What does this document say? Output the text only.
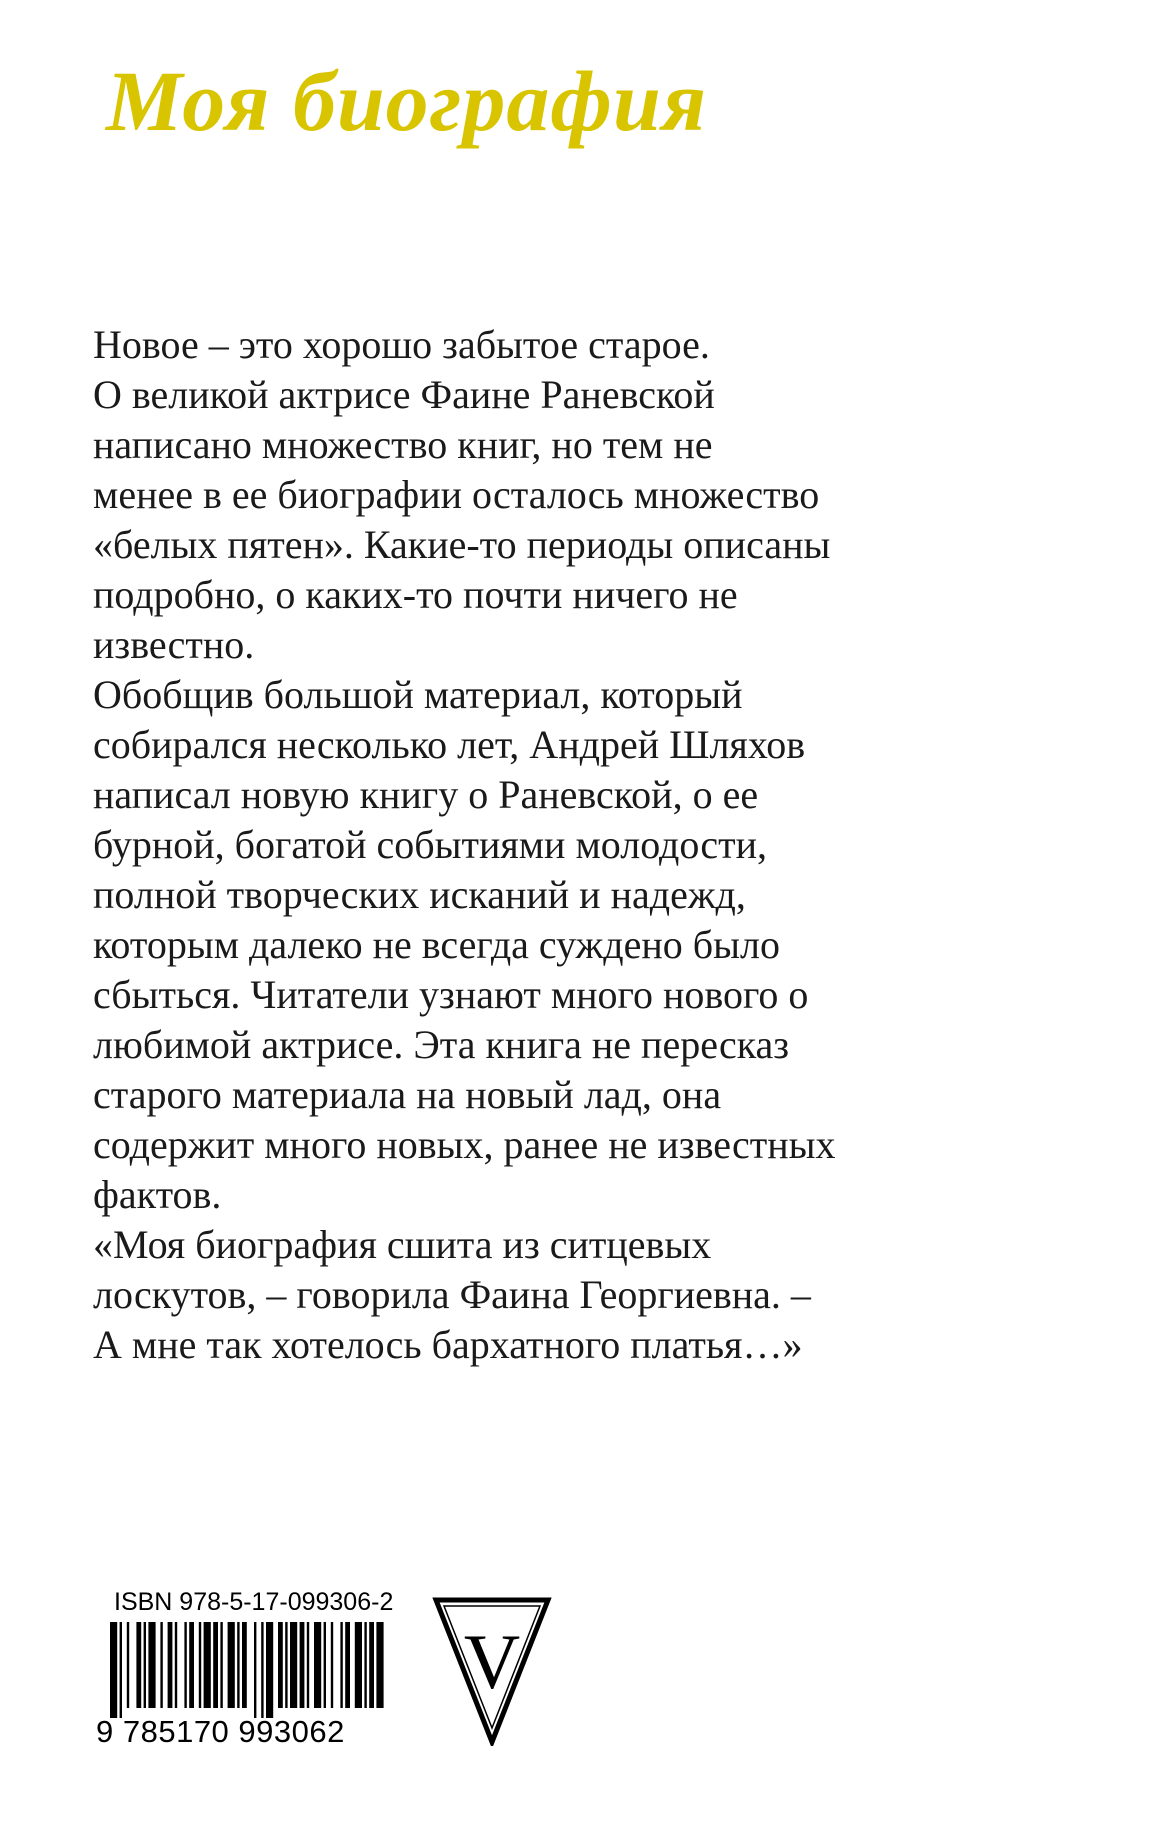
Моя биография
Новое – это хорошо забытое старое.
О великой актрисе Фаине Раневской
написано множество книг, но тем не
менее в ее биографии осталось множество
«белых пятен». Какие-то периоды описаны
подробно, о каких-то почти ничего не
известно.
Обобщив большой материал, который
собирался несколько лет, Андрей Шляхов
написал новую книгу о Раневской, о ее
бурной, богатой событиями молодости,
полной творческих исканий и надежд,
которым далеко не всегда суждено было
сбыться. Читатели узнают много нового о
любимой актрисе. Эта книга не пересказ
старого материала на новый лад, она
содержит много новых, ранее не известных
фактов.
«Моя биография сшита из ситцевых
лоскутов, – говорила Фаина Георгиевна. –
А мне так хотелось бархатного платья…»
ISBN 978-5-17-099306-2
9 785170 993062
V
